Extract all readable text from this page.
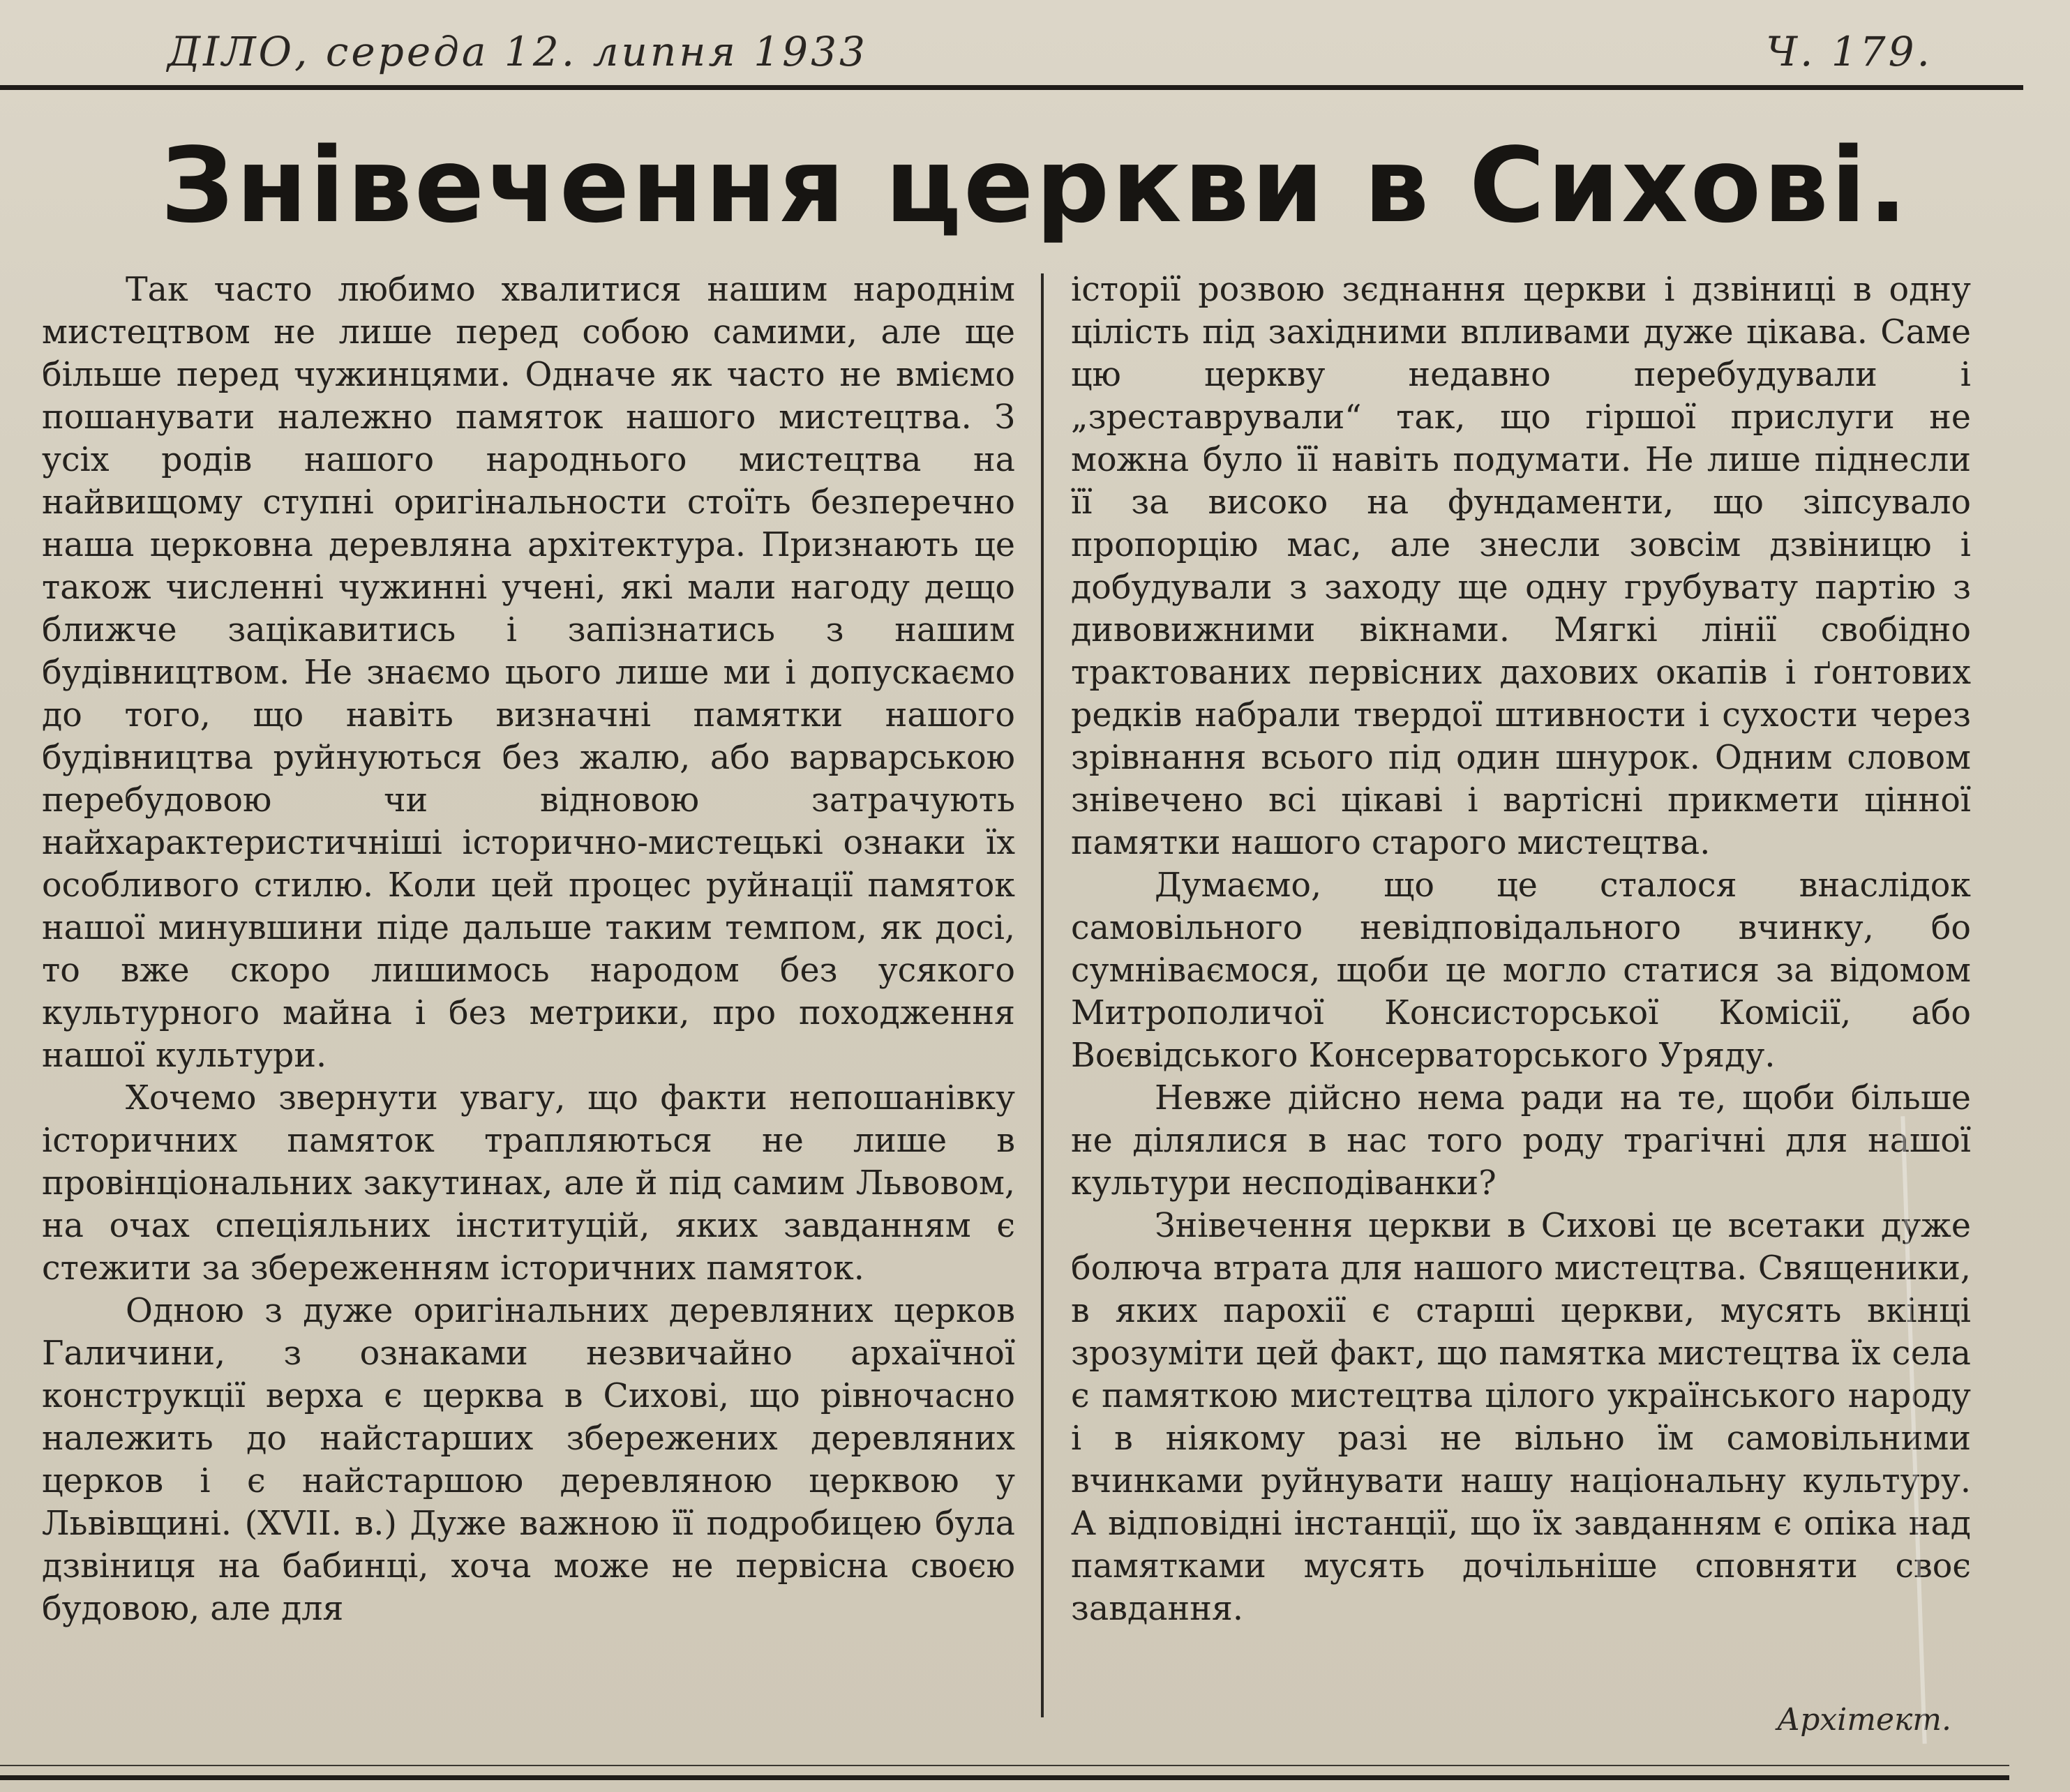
ДІЛО, середа 12. липня 1933	Ч. 179.
Знівечення церкви в Сихові.

Так часто любимо хвалитися нашим народнім мистецтвом не лише перед собою самими, але ще більше перед чужинцями. Одначе як часто не вміємо пошанувати належно памяток нашого мистецтва. З усіх родів нашого народнього мистецтва на найвищому ступні оригінальности стоїть безперечно наша церковна деревляна архітектура. Признають це також численні чужинні учені, які мали нагоду дещо ближче зацікавитись і запізнатись з нашим будівництвом. Не знаємо цього лише ми і допускаємо до того, що навіть визначні памятки нашого будівництва руйнуються без жалю, або варварською перебудовою чи відновою затрачують найхарактеристичніші історично-мистецькі ознаки їх особливого стилю. Коли цей процес руйнації памяток нашої минувшини піде дальше таким темпом, як досі, то вже скоро лишимось народом без усякого культурного майна і без метрики, про походження нашої культури.

Хочемо звернути увагу, що факти непошанівку історичних памяток трапляються не лише в провінціональних закутинах, але й під самим Львовом, на очах спеціяльних інституцій, яких завданням є стежити за збереженням історичних памяток.

Одною з дуже оригінальних деревляних церков Галичини, з ознаками незвичайно архаїчної конструкції верха є церква в Сихові, що рівночасно належить до найстарших збережених деревляних церков і є найстаршою деревляною церквою у Львівщині. (XVII. в.) Дуже важною її подробицею була дзвіниця на бабинці, хоча може не первісна своєю будовою, але для

історії розвою зєднання церкви і дзвіниці в одну цілість під західними впливами дуже цікава. Саме цю церкву недавно перебудували і „зреставрували“ так, що гіршої прислуги не можна було її навіть подумати. Не лише піднесли її за високо на фундаменти, що зіпсувало пропорцію мас, але знесли зовсім дзвіницю і добудували з заходу ще одну грубувату партію з дивовижними вікнами. Мягкі лінії свобідно трактованих первісних дахових окапів і ґонтових редків набрали твердої штивности і сухости через зрівнання всього під один шнурок. Одним словом знівечено всі цікаві і вартісні прикмети цінної памятки нашого старого мистецтва.

Думаємо, що це сталося внаслідок самовільного невідповідального вчинку, бо сумніваємося, щоби це могло статися за відомом Митрополичої Консисторської Комісії, або Воєвідського Консерваторського Уряду.

Невже дійсно нема ради на те, щоби більше не ділялися в нас того роду трагічні для нашої культури несподіванки?

Знівечення церкви в Сихові це всетаки дуже болюча втрата для нашого мистецтва. Священики, в яких парохії є старші церкви, мусять вкінці зрозуміти цей факт, що памятка мистецтва їх села є памяткою мистецтва цілого українського народу і в ніякому разі не вільно їм самовільними вчинками руйнувати нашу національну культуру. А відповідні інстанції, що їх завданням є опіка над памятками мусять дочільніше сповняти своє завдання.

Архітект.
